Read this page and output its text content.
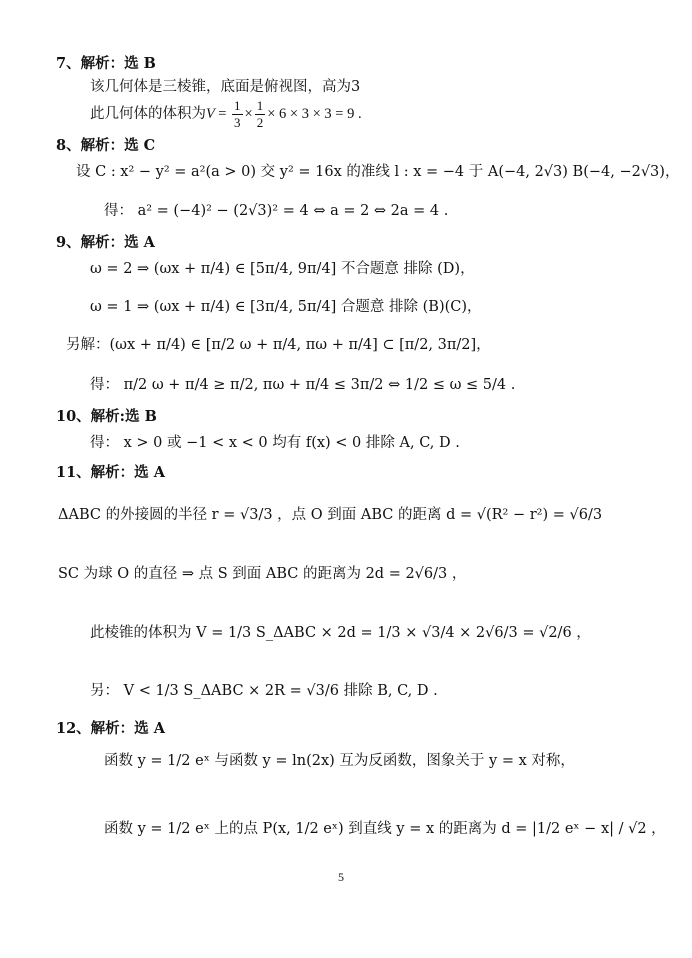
7、解析：选 B
该几何体是三棱锥，底面是俯视图，高为3
此几何体的体积为$V = \frac{1}{3} \times \frac{1}{2} \times 6 \times 3 \times 3 = 9$ .
8、解析：选 C
设 C : x² − y² = a²(a > 0) 交 y² = 16x 的准线 l : x = −4 于 A(−4, 2√3) B(−4, −2√3)，
得： a² = (−4)² − (2√3)² = 4 ⇔ a = 2 ⇔ 2a = 4 .
9、解析：选 A
ω = 2 ⇒ (ωx + π/4) ∈ [5π/4, 9π/4] 不合题意 排除 (D)，
ω = 1 ⇒ (ωx + π/4) ∈ [3π/4, 5π/4] 合题意 排除 (B)(C)，
另解：(ωx + π/4) ∈ [π/2 ω + π/4, πω + π/4] ⊂ [π/2, 3π/2]，
得： π/2 ω + π/4 ≥ π/2, πω + π/4 ≤ 3π/2 ⇔ 1/2 ≤ ω ≤ 5/4 .
10、解析:选 B
得： x > 0 或 −1 < x < 0 均有 f(x) < 0 排除 A, C, D .
11、解析：选 A
ΔABC 的外接圆的半径 r = √3/3 ，点 O 到面 ABC 的距离 d = √(R² − r²) = √6/3
SC 为球 O 的直径 ⇒ 点 S 到面 ABC 的距离为 2d = 2√6/3 ，
此棱锥的体积为 V = 1/3 S_ΔABC × 2d = 1/3 × √3/4 × 2√6/3 = √2/6 ，
另： V < 1/3 S_ΔABC × 2R = √3/6 排除 B, C, D .
12、解析：选 A
函数 y = 1/2 eˣ 与函数 y = ln(2x) 互为反函数，图象关于 y = x 对称，
函数 y = 1/2 eˣ 上的点 P(x, 1/2 eˣ) 到直线 y = x 的距离为 d = |1/2 eˣ − x| / √2 ，
5
